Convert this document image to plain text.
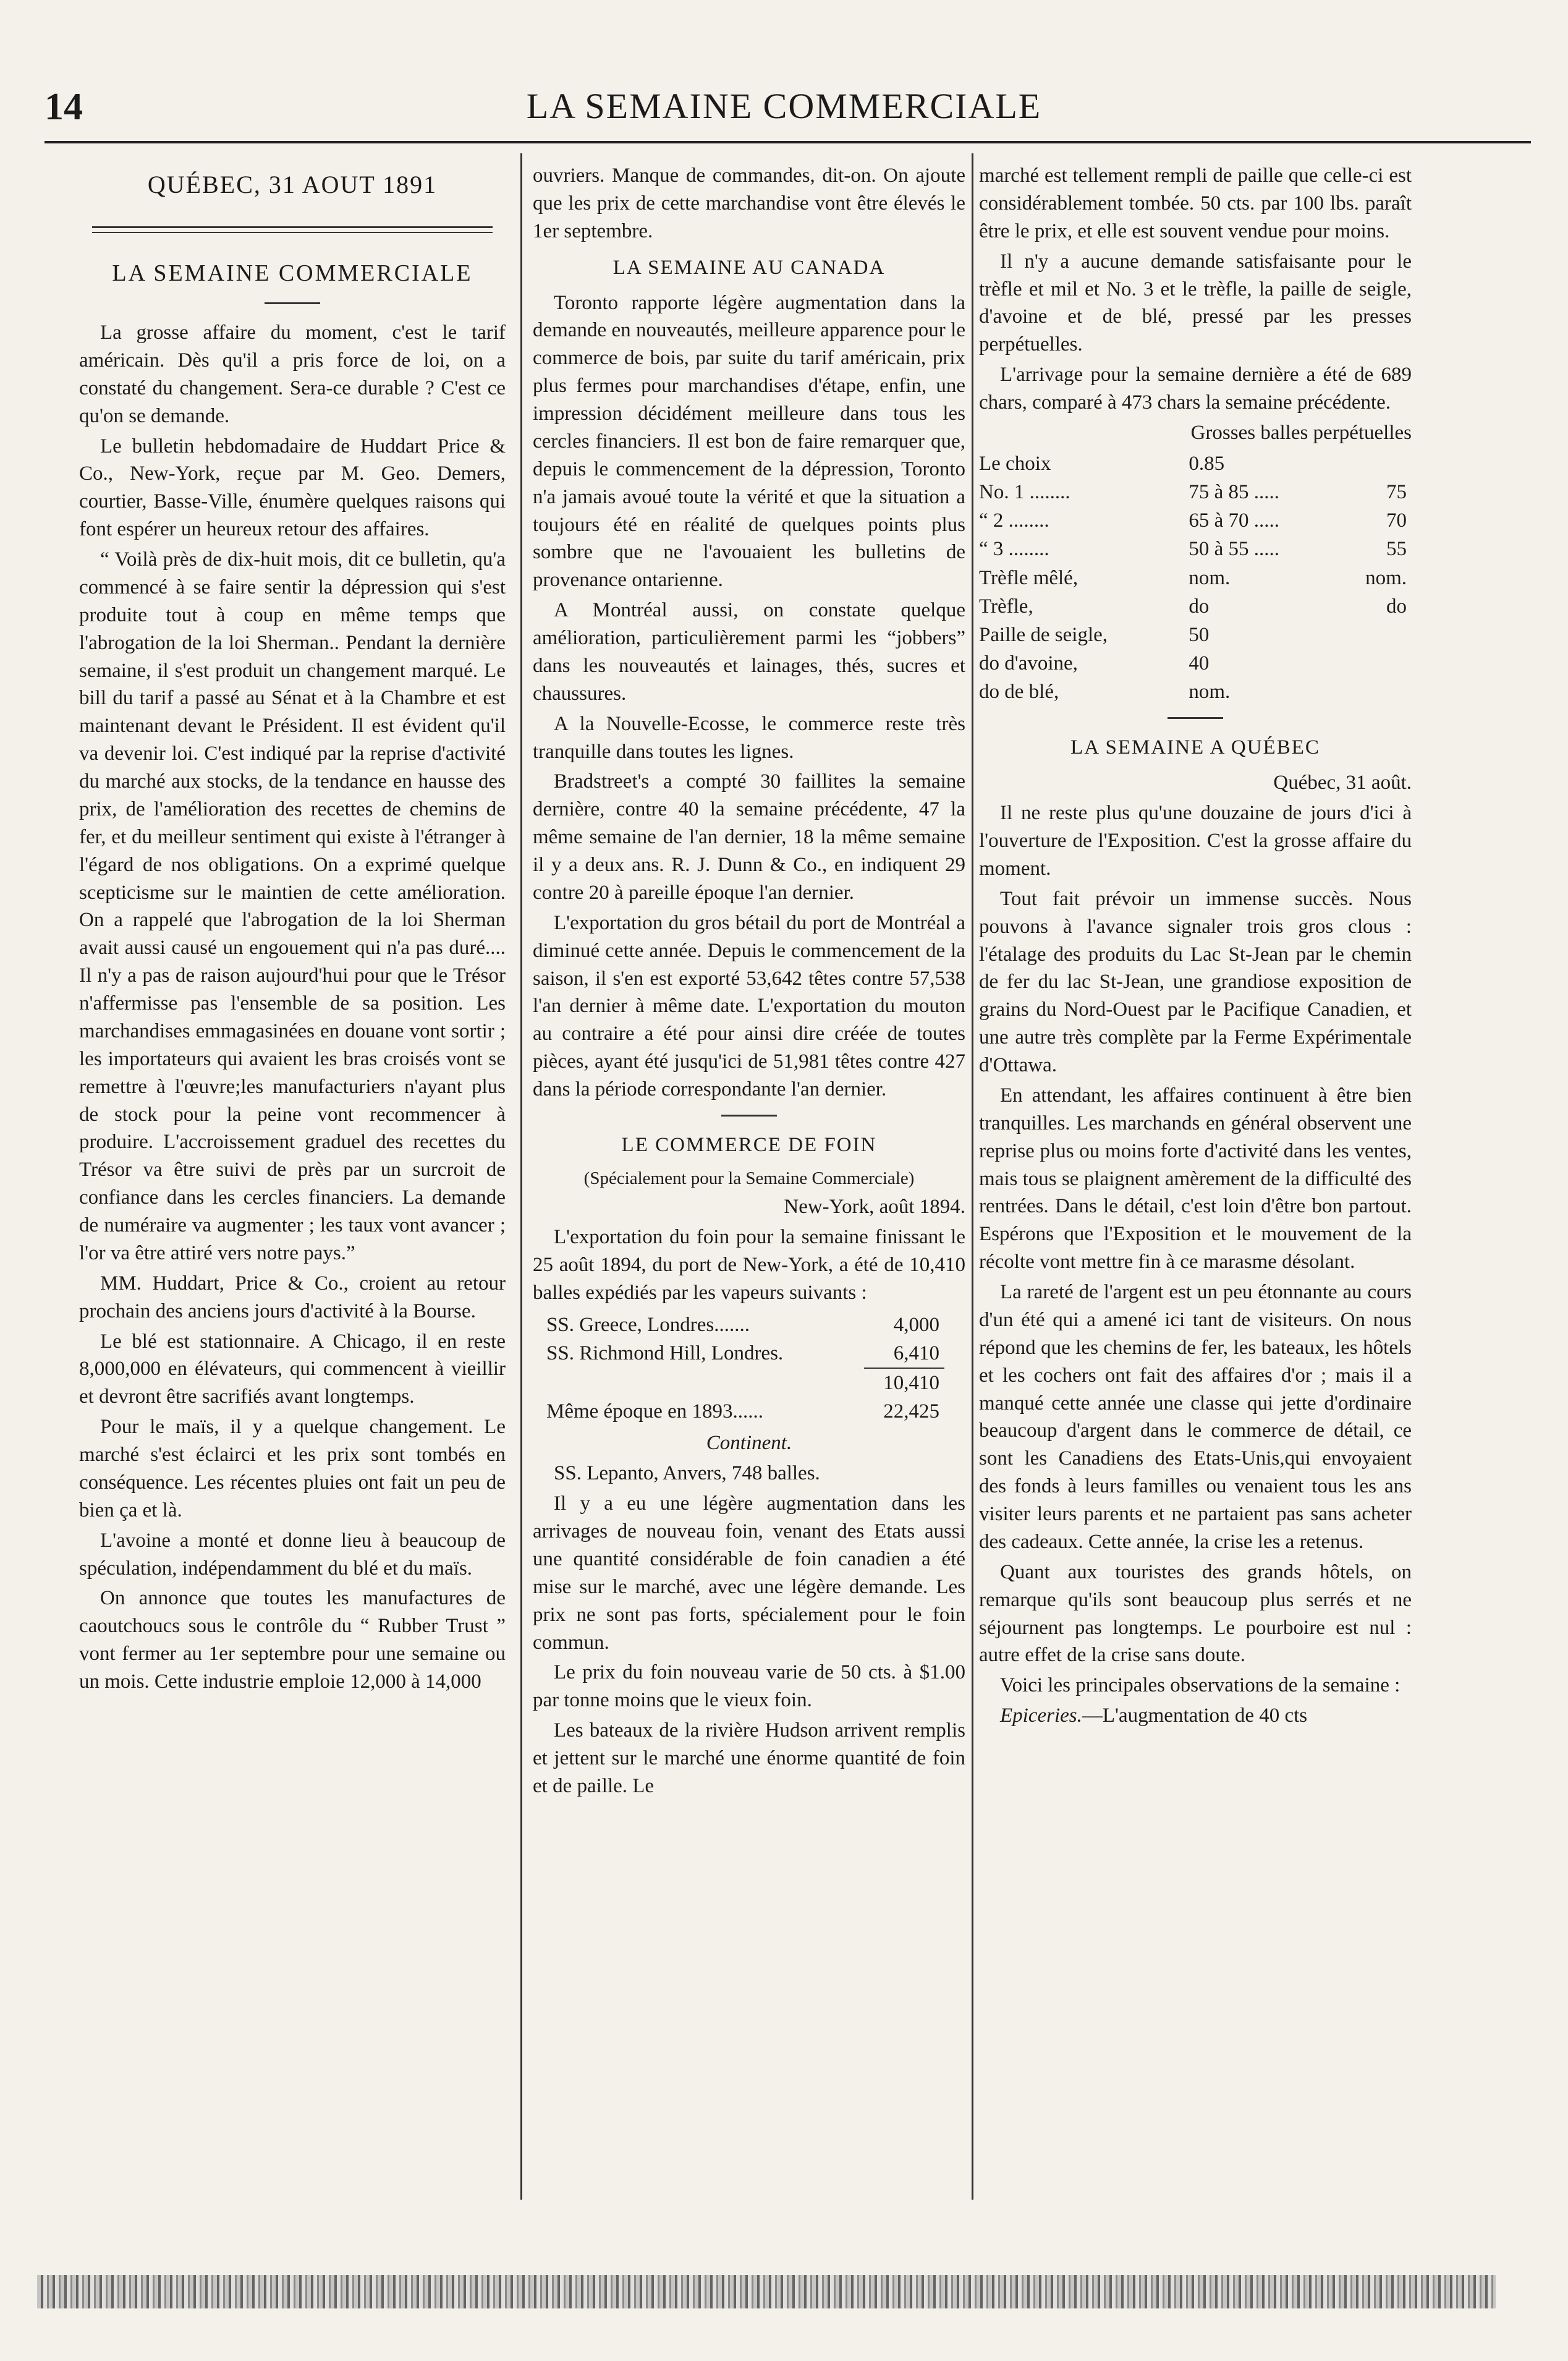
14	LA SEMAINE COMMERCIALE

QUÉBEC, 31 AOUT 1891

LA SEMAINE COMMERCIALE

La grosse affaire du moment, c'est le tarif américain. Dès qu'il a pris force de loi, on a constaté du changement. Sera-ce durable ? C'est ce qu'on se demande.

Le bulletin hebdomadaire de Huddart Price & Co., New-York, reçue par M. Geo. Demers, courtier, Basse-Ville, énumère quelques raisons qui font espérer un heureux retour des affaires.

“ Voilà près de dix-huit mois, dit ce bulletin, qu'a commencé à se faire sentir la dépression qui s'est produite tout à coup en même temps que l'abrogation de la loi Sherman.. Pendant la dernière semaine, il s'est produit un changement marqué. Le bill du tarif a passé au Sénat et à la Chambre et est maintenant devant le Président. Il est évident qu'il va devenir loi. C'est indiqué par la reprise d'activité du marché aux stocks, de la tendance en hausse des prix, de l'amélioration des recettes de chemins de fer, et du meilleur sentiment qui existe à l'étranger à l'égard de nos obligations. On a exprimé quelque scepticisme sur le maintien de cette amélioration. On a rappelé que l'abrogation de la loi Sherman avait aussi causé un engouement qui n'a pas duré.... Il n'y a pas de raison aujourd'hui pour que le Trésor n'affermisse pas l'ensemble de sa position. Les marchandises emmagasinées en douane vont sortir ; les importateurs qui avaient les bras croisés vont se remettre à l'œuvre;les manufacturiers n'ayant plus de stock pour la peine vont recommencer à produire. L'accroissement graduel des recettes du Trésor va être suivi de près par un surcroit de confiance dans les cercles financiers. La demande de numéraire va augmenter ; les taux vont avancer ; l'or va être attiré vers notre pays.”

MM. Huddart, Price & Co., croient au retour prochain des anciens jours d'activité à la Bourse.

Le blé est stationnaire. A Chicago, il en reste 8,000,000 en élévateurs, qui commencent à vieillir et devront être sacrifiés avant longtemps.

Pour le maïs, il y a quelque changement. Le marché s'est éclairci et les prix sont tombés en conséquence. Les récentes pluies ont fait un peu de bien ça et là.

L'avoine a monté et donne lieu à beaucoup de spéculation, indépendamment du blé et du maïs.

On annonce que toutes les manufactures de caoutchoucs sous le contrôle du “ Rubber Trust ” vont fermer au 1er septembre pour une semaine ou un mois. Cette industrie emploie 12,000 à 14,000

ouvriers. Manque de commandes, dit-on. On ajoute que les prix de cette marchandise vont être élevés le 1er septembre.

LA SEMAINE AU CANADA

Toronto rapporte légère augmentation dans la demande en nouveautés, meilleure apparence pour le commerce de bois, par suite du tarif américain, prix plus fermes pour marchandises d'étape, enfin, une impression décidément meilleure dans tous les cercles financiers. Il est bon de faire remarquer que, depuis le commencement de la dépression, Toronto n'a jamais avoué toute la vérité et que la situation a toujours été en réalité de quelques points plus sombre que ne l'avouaient les bulletins de provenance ontarienne.

A Montréal aussi, on constate quelque amélioration, particulièrement parmi les “jobbers” dans les nouveautés et lainages, thés, sucres et chaussures.

A la Nouvelle-Ecosse, le commerce reste très tranquille dans toutes les lignes.

Bradstreet's a compté 30 faillites la semaine dernière, contre 40 la semaine précédente, 47 la même semaine de l'an dernier, 18 la même semaine il y a deux ans. R. J. Dunn & Co., en indiquent 29 contre 20 à pareille époque l'an dernier.

L'exportation du gros bétail du port de Montréal a diminué cette année. Depuis le commencement de la saison, il s'en est exporté 53,642 têtes contre 57,538 l'an dernier à même date. L'exportation du mouton au contraire a été pour ainsi dire créée de toutes pièces, ayant été jusqu'ici de 51,981 têtes contre 427 dans la période correspondante l'an dernier.

LE COMMERCE DE FOIN

(Spécialement pour la Semaine Commerciale)

New-York, août 1894.

L'exportation du foin pour la semaine finissant le 25 août 1894, du port de New-York, a été de 10,410 balles expédiés par les vapeurs suivants :

SS. Greece, Londres.......	4,000
SS. Richmond Hill, Londres.	6,410
	10,410
Même époque en 1893......	22,425

Continent.

SS. Lepanto, Anvers, 748 balles.

Il y a eu une légère augmentation dans les arrivages de nouveau foin, venant des Etats aussi une quantité considérable de foin canadien a été mise sur le marché, avec une légère demande. Les prix ne sont pas forts, spécialement pour le foin commun.

Le prix du foin nouveau varie de 50 cts. à $1.00 par tonne moins que le vieux foin.

Les bateaux de la rivière Hudson arrivent remplis et jettent sur le marché une énorme quantité de foin et de paille. Le

marché est tellement rempli de paille que celle-ci est considérablement tombée. 50 cts. par 100 lbs. paraît être le prix, et elle est souvent vendue pour moins.

Il n'y a aucune demande satisfaisante pour le trèfle et mil et No. 3 et le trèfle, la paille de seigle, d'avoine et de blé, pressé par les presses perpétuelles.

L'arrivage pour la semaine dernière a été de 689 chars, comparé à 473 chars la semaine précédente.

Grosses balles perpétuelles

Le choix	0.85	
No. 1 ........	75 à 85 .....	75
“ 2 ........	65 à 70 .....	70
“ 3 ........	50 à 55 .....	55
Trèfle mêlé,	nom.	nom.
Trèfle,	do	do
Paille de seigle,	50	
do d'avoine,	40	
do de blé,	nom.	
LA SEMAINE A QUÉBEC

Québec, 31 août.

Il ne reste plus qu'une douzaine de jours d'ici à l'ouverture de l'Exposition. C'est la grosse affaire du moment.

Tout fait prévoir un immense succès. Nous pouvons à l'avance signaler trois gros clous : l'étalage des produits du Lac St-Jean par le chemin de fer du lac St-Jean, une grandiose exposition de grains du Nord-Ouest par le Pacifique Canadien, et une autre très complète par la Ferme Expérimentale d'Ottawa.

En attendant, les affaires continuent à être bien tranquilles. Les marchands en général observent une reprise plus ou moins forte d'activité dans les ventes, mais tous se plaignent amèrement de la difficulté des rentrées. Dans le détail, c'est loin d'être bon partout. Espérons que l'Exposition et le mouvement de la récolte vont mettre fin à ce marasme désolant.

La rareté de l'argent est un peu étonnante au cours d'un été qui a amené ici tant de visiteurs. On nous répond que les chemins de fer, les bateaux, les hôtels et les cochers ont fait des affaires d'or ; mais il a manqué cette année une classe qui jette d'ordinaire beaucoup d'argent dans le commerce de détail, ce sont les Canadiens des Etats-Unis,qui envoyaient des fonds à leurs familles ou venaient tous les ans visiter leurs parents et ne partaient pas sans acheter des cadeaux. Cette année, la crise les a retenus.

Quant aux touristes des grands hôtels, on remarque qu'ils sont beaucoup plus serrés et ne séjournent pas longtemps. Le pourboire est nul : autre effet de la crise sans doute.

Voici les principales observations de la semaine :

Epiceries.—L'augmentation de 40 cts
